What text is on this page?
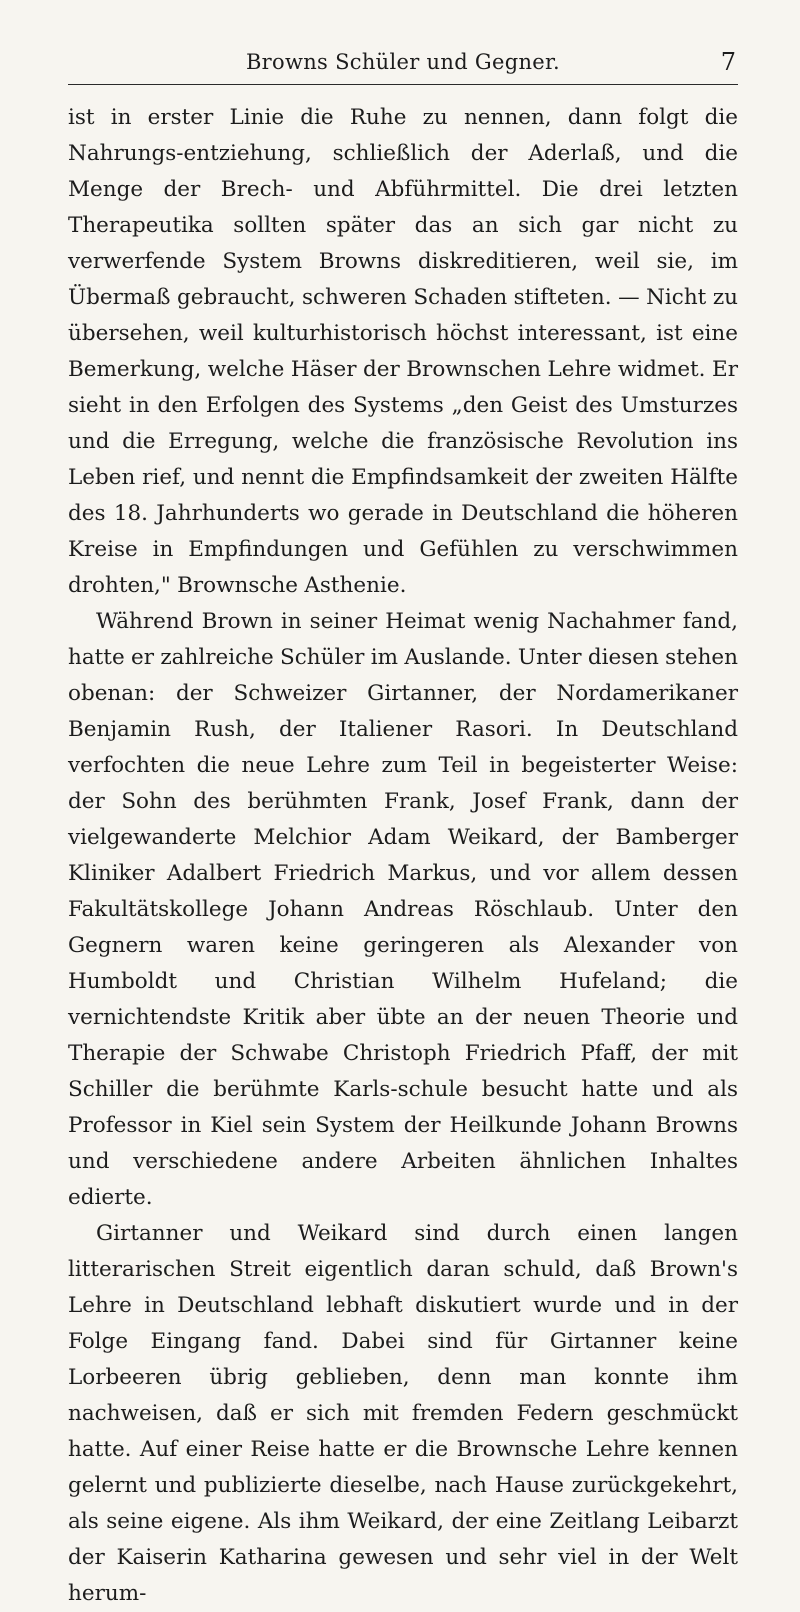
Browns Schüler und Gegner.	7

ist in erster Linie die Ruhe zu nennen, dann folgt die Nahrungs-entziehung, schließlich der Aderlaß, und die Menge der Brech- und Abführmittel. Die drei letzten Therapeutika sollten später das an sich gar nicht zu verwerfende System Browns diskreditieren, weil sie, im Übermaß gebraucht, schweren Schaden stifteten. — Nicht zu übersehen, weil kulturhistorisch höchst interessant, ist eine Bemerkung, welche Häser der Brownschen Lehre widmet. Er sieht in den Erfolgen des Systems „den Geist des Umsturzes und die Erregung, welche die französische Revolution ins Leben rief, und nennt die Empfindsamkeit der zweiten Hälfte des 18. Jahrhunderts wo gerade in Deutschland die höheren Kreise in Empfindungen und Gefühlen zu verschwimmen drohten," Brownsche Asthenie.

Während Brown in seiner Heimat wenig Nachahmer fand, hatte er zahlreiche Schüler im Auslande. Unter diesen stehen obenan: der Schweizer Girtanner, der Nordamerikaner Benjamin Rush, der Italiener Rasori. In Deutschland verfochten die neue Lehre zum Teil in begeisterter Weise: der Sohn des berühmten Frank, Josef Frank, dann der vielgewanderte Melchior Adam Weikard, der Bamberger Kliniker Adalbert Friedrich Markus, und vor allem dessen Fakultätskollege Johann Andreas Röschlaub. Unter den Gegnern waren keine geringeren als Alexander von Humboldt und Christian Wilhelm Hufeland; die vernichtendste Kritik aber übte an der neuen Theorie und Therapie der Schwabe Christoph Friedrich Pfaff, der mit Schiller die berühmte Karls-schule besucht hatte und als Professor in Kiel sein System der Heilkunde Johann Browns und verschiedene andere Arbeiten ähnlichen Inhaltes edierte.

Girtanner und Weikard sind durch einen langen litterarischen Streit eigentlich daran schuld, daß Brown's Lehre in Deutschland lebhaft diskutiert wurde und in der Folge Eingang fand. Dabei sind für Girtanner keine Lorbeeren übrig geblieben, denn man konnte ihm nachweisen, daß er sich mit fremden Federn geschmückt hatte. Auf einer Reise hatte er die Brownsche Lehre kennen gelernt und publizierte dieselbe, nach Hause zurückgekehrt, als seine eigene. Als ihm Weikard, der eine Zeitlang Leibarzt der Kaiserin Katharina gewesen und sehr viel in der Welt herum-
